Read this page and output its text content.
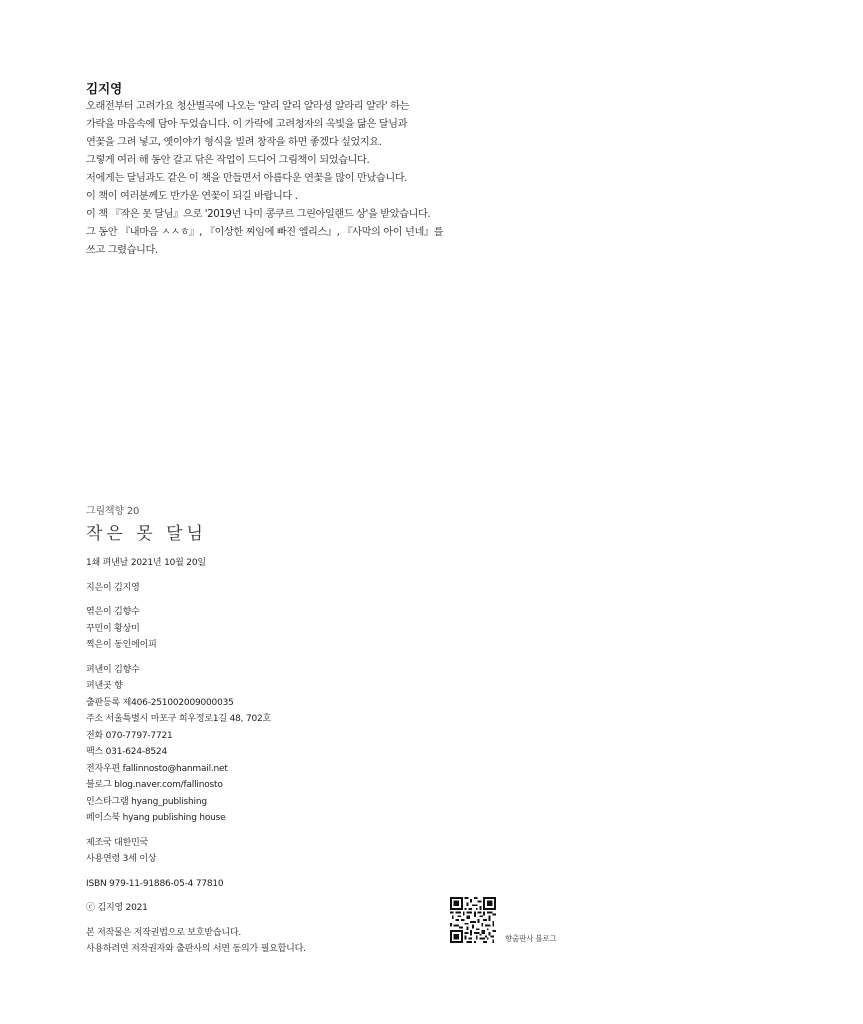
김지영
오래전부터 고려가요 청산별곡에 나오는 '얄리 얄리 얄라셩 얄라리 얄라' 하는
가락을 마음속에 담아 두었습니다. 이 가락에 고려청자의 옥빛을 닮은 달님과
연꽃을 그려 넣고, 옛이야기 형식을 빌려 창작을 하면 좋겠다 싶었지요.
그렇게 여러 해 동안 갈고 닦은 작업이 드디어 그림책이 되었습니다.
저에게는 달님과도 같은 이 책을 만들면서 아름다운 연꽃을 많이 만났습니다.
이 책이 여러분께도 반가운 연꽃이 되길 바랍니다 .
이 책 『작은 못 달님』으로 '2019년 나미 콩쿠르 그린아일랜드 상'을 받았습니다.
그 동안 『내마음 ㅅㅅㅎ』, 『이상한 찌임에 빠진 엘리스』, 『사막의 아이 넌네』를
쓰고 그렸습니다.
그림책향 20
작은 못 달님
1쇄 펴낸날 2021년 10월 20일
지은이 김지영
엮은이 김향수
꾸민이 황상미
찍은이 동인에이피
펴낸이 김향수
펴낸곳 향
출판등록 제406-251002009000035
주소 서울특별시 마포구 희우정로1길 48, 702호
전화 070-7797-7721
팩스 031-624-8524
전자우편 fallinnosto@hanmail.net
블로그 blog.naver.com/fallinosto
인스타그램 hyang_publishing
페이스북 hyang publishing house
제조국 대한민국
사용연령 3세 이상
ISBN 979-11-91886-05-4 77810
ⓒ 김지영 2021
본 저작물은 저작권법으로 보호받습니다.
사용하려면 저작권자와 출판사의 서면 동의가 필요합니다.
향출판사 블로그
